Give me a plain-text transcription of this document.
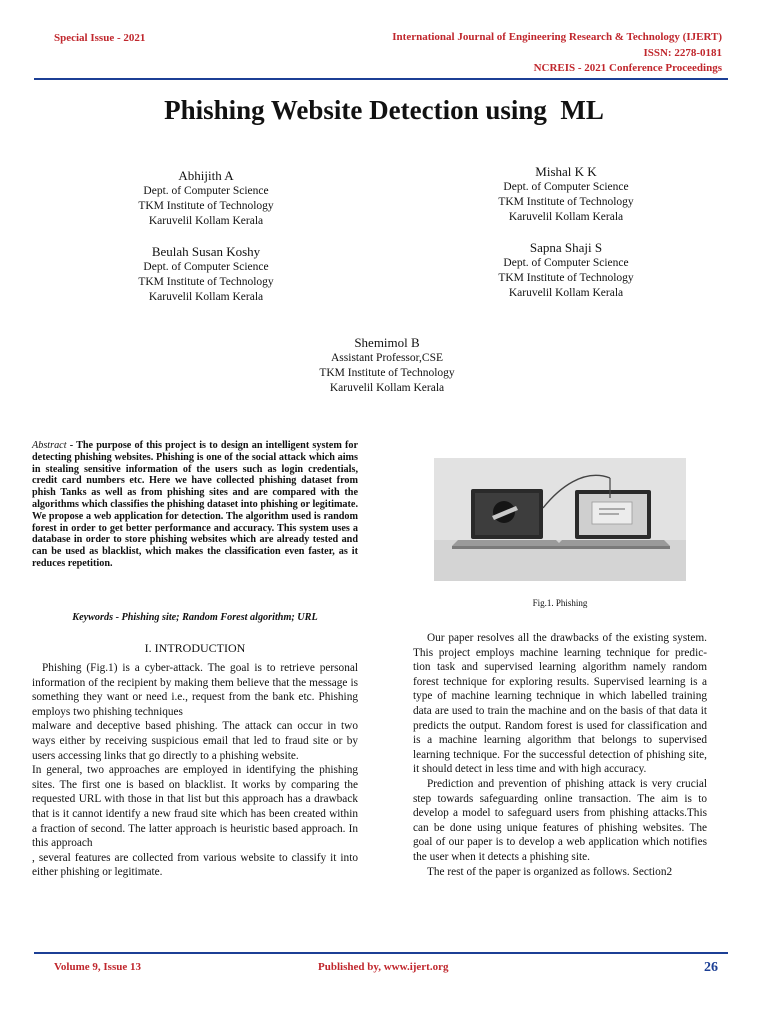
Special Issue - 2021	International Journal of Engineering Research & Technology (IJERT)
ISSN: 2278-0181
NCREIS - 2021 Conference Proceedings
Phishing Website Detection using  ML
Abhijith A
Dept. of Computer Science
TKM Institute of Technology
Karuvelil Kollam Kerala
Mishal K K
Dept. of Computer Science
TKM Institute of Technology
Karuvelil Kollam Kerala
Beulah Susan Koshy
Dept. of Computer Science
TKM Institute of Technology
Karuvelil Kollam Kerala
Sapna Shaji S
Dept. of Computer Science
TKM Institute of Technology
Karuvelil Kollam Kerala
Shemimol B
Assistant Professor,CSE
TKM Institute of Technology
Karuvelil Kollam Kerala
Abstract - The purpose of this project is to design an intelligent system for detecting phishing websites. Phishing is one of the social attack which aims in stealing sensitive information of the users such as login credentials, credit card numbers etc. Here we have collected phishing dataset from phish Tanks as well as from phishing sites and are compared with the algorithms which classifies the phishing dataset into phishing or legitimate. We propose a web application for detection. The algorithm used is random forest in order to get better performance and accuracy. This system uses a database in order to store phishing websites which are already tested and can be used as blacklist, which makes the classification even faster, as it reduces repetition.
Keywords - Phishing site; Random Forest algorithm; URL
I. INTRODUCTION

Phishing (Fig.1) is a cyber-attack. The goal is to retrieve personal information of the recipient by making them believe that the message is something they want or need i.e., request from the bank etc. Phishing employs two phishing techniques

malware and deceptive based phishing. The attack can occur in two ways either by receiving suspicious email that led to fraud site or by users accessing links that go directly to a phishing website.

In general, two approaches are employed in identifying the phishing sites. The first one is based on blacklist. It works by comparing the requested URL with those in that list but this approach has a drawback that is it cannot identify a new fraud site which has been created within a fraction of second. The latter approach is heuristic based approach. In this approach

, several features are collected from various website to classify it into either phishing or legitimate.

Fig.1. Phishing

Our paper resolves all the drawbacks of the existing system. This project employs machine learning technique for predic- tion task and supervised learning algorithm namely random forest technique for exploring results. Supervised learning is a type of machine learning technique in which labelled training data are used to train the machine and on the basis of that data it predicts the output. Random forest is used for classification and is a machine learning algorithm that belongs to supervised learning technique. For the successful detection of phishing site, it should detect in less time and with high accuracy.

Prediction and prevention of phishing attack is very crucial step towards safeguarding online transaction. The aim is to develop a model to safeguard users from phishing attacks.This can be done using unique features of phishing websites. The goal of our paper is to develop a web application which notifies the user when it detects a phishing site.

The rest of the paper is organized as follows. Section2

Volume 9, Issue 13	Published by, www.ijert.org	26
